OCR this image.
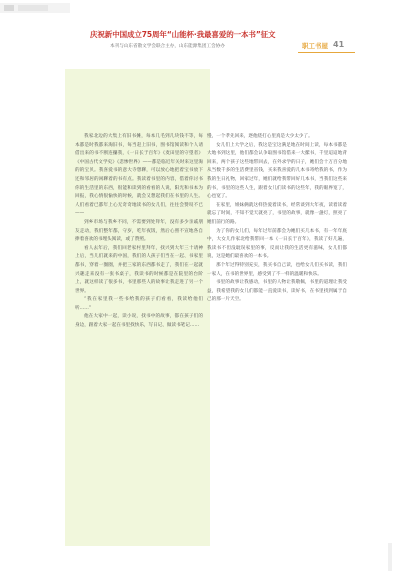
庆祝新中国成立75周年“山能杯·我最喜爱的一本书”征文
本刊与山东省散文学会联合主办，山东能源集团工会协办	职工书屋 41

我家北边的大集上有旧书摊，每本几毛到几块钱不等，每本都是时我都来淘旧书，每当赶上旧书，图书馆阅读和个人请借出来的书不断连攥我，《一日长于百年》《麦田里的守望者》《中国古代文学史》《悲惨世界》——都是临近年关时来这里淘的的宝贝。我喜爱书的意大寺想聊，可以放心地把着宝书放下还和邻居的闲聊着的书有点。我读着书里的内容，借着你讨书你的生活里的东西，很能和读到的看看的人说，阳光和书本为回报，我心情很愉快的时候，就会又想起我们在书里的人生。人们看着已都年上心无奇奇地读书的女儿们，往往会赞叹不已——

到乡市场与我乡不同，不需要到处拜年，没有多少亲戚朋友走动，我们整年都，守岁，吃年夜饭，然后心照不宣地各自捧着喜欢的书埋头阅读，或了赞照。

看人去年后，我们回老家村里拜年，找兴到大年三十请神上后，当儿们就来的中国，我们的人孩子们当在一起、书家里都书，穿着一圈圈，并把三家的东西都书走了，我们在一起就兴趣走来没有一张书桌子，我读书的时候都是在院里的台阶上，就这样读了很多书，书里那些人的故事让我走进了另一个世界。

“我在家里我一些书给我的孩子们看看，我读给他们听……”

他在大家中一起，读小说，找书中的故事，都在孩子们的身边，跟着大家一起在书里找快乐，写日记、做读书笔记……

慢，一个孝先回来，逐他绕打心里真是大少太少了。

女儿们上大学之后，我这是宝这满足地在时间上读，每本书都是大地书到这里，他们都会认争取图书馆借来一大摞书，千里迢迢地背回来，两个孩子这些地带回去，在外求学的日子，她们会十万百分地从当数千多的生活费里省钱，买来我喜爱的几本书寄给我的书，作为我的生日礼物，回家过年，她们就给我带回好几本书，当我们这些来的书，书里的这些人生，跟着女儿们读书的这些年，我的眼界宽了，心也宽了。

在家里，姐妹俩就这样热爱着读书，经常谈到大年夜，读着读着就忘了时间，不知不觉天就亮了，书里的故事，就像一盏灯，照亮了她们前行的路。

为了你的女儿们，每年过年前都会为她们买几本书，有一年年底中，大女儿作家北给我带回一本《一日长于百年》，我读了好几遍，我读书不但没耽误家里的事，反而让我的生活更有滋味，女儿们都说，这是她们最喜欢的一本书。

那个年过得特别充实，我买书自己读，也给女儿们买书读，我们一家人，在书的世界里，感受到了不一样的温暖和快乐。

书里的故事让我感动，书里的人物让我敬佩，书里的道理让我受益，我希望我的女儿们都能一直爱读书，读好书，在书里找到属于自己的那一片天空。
